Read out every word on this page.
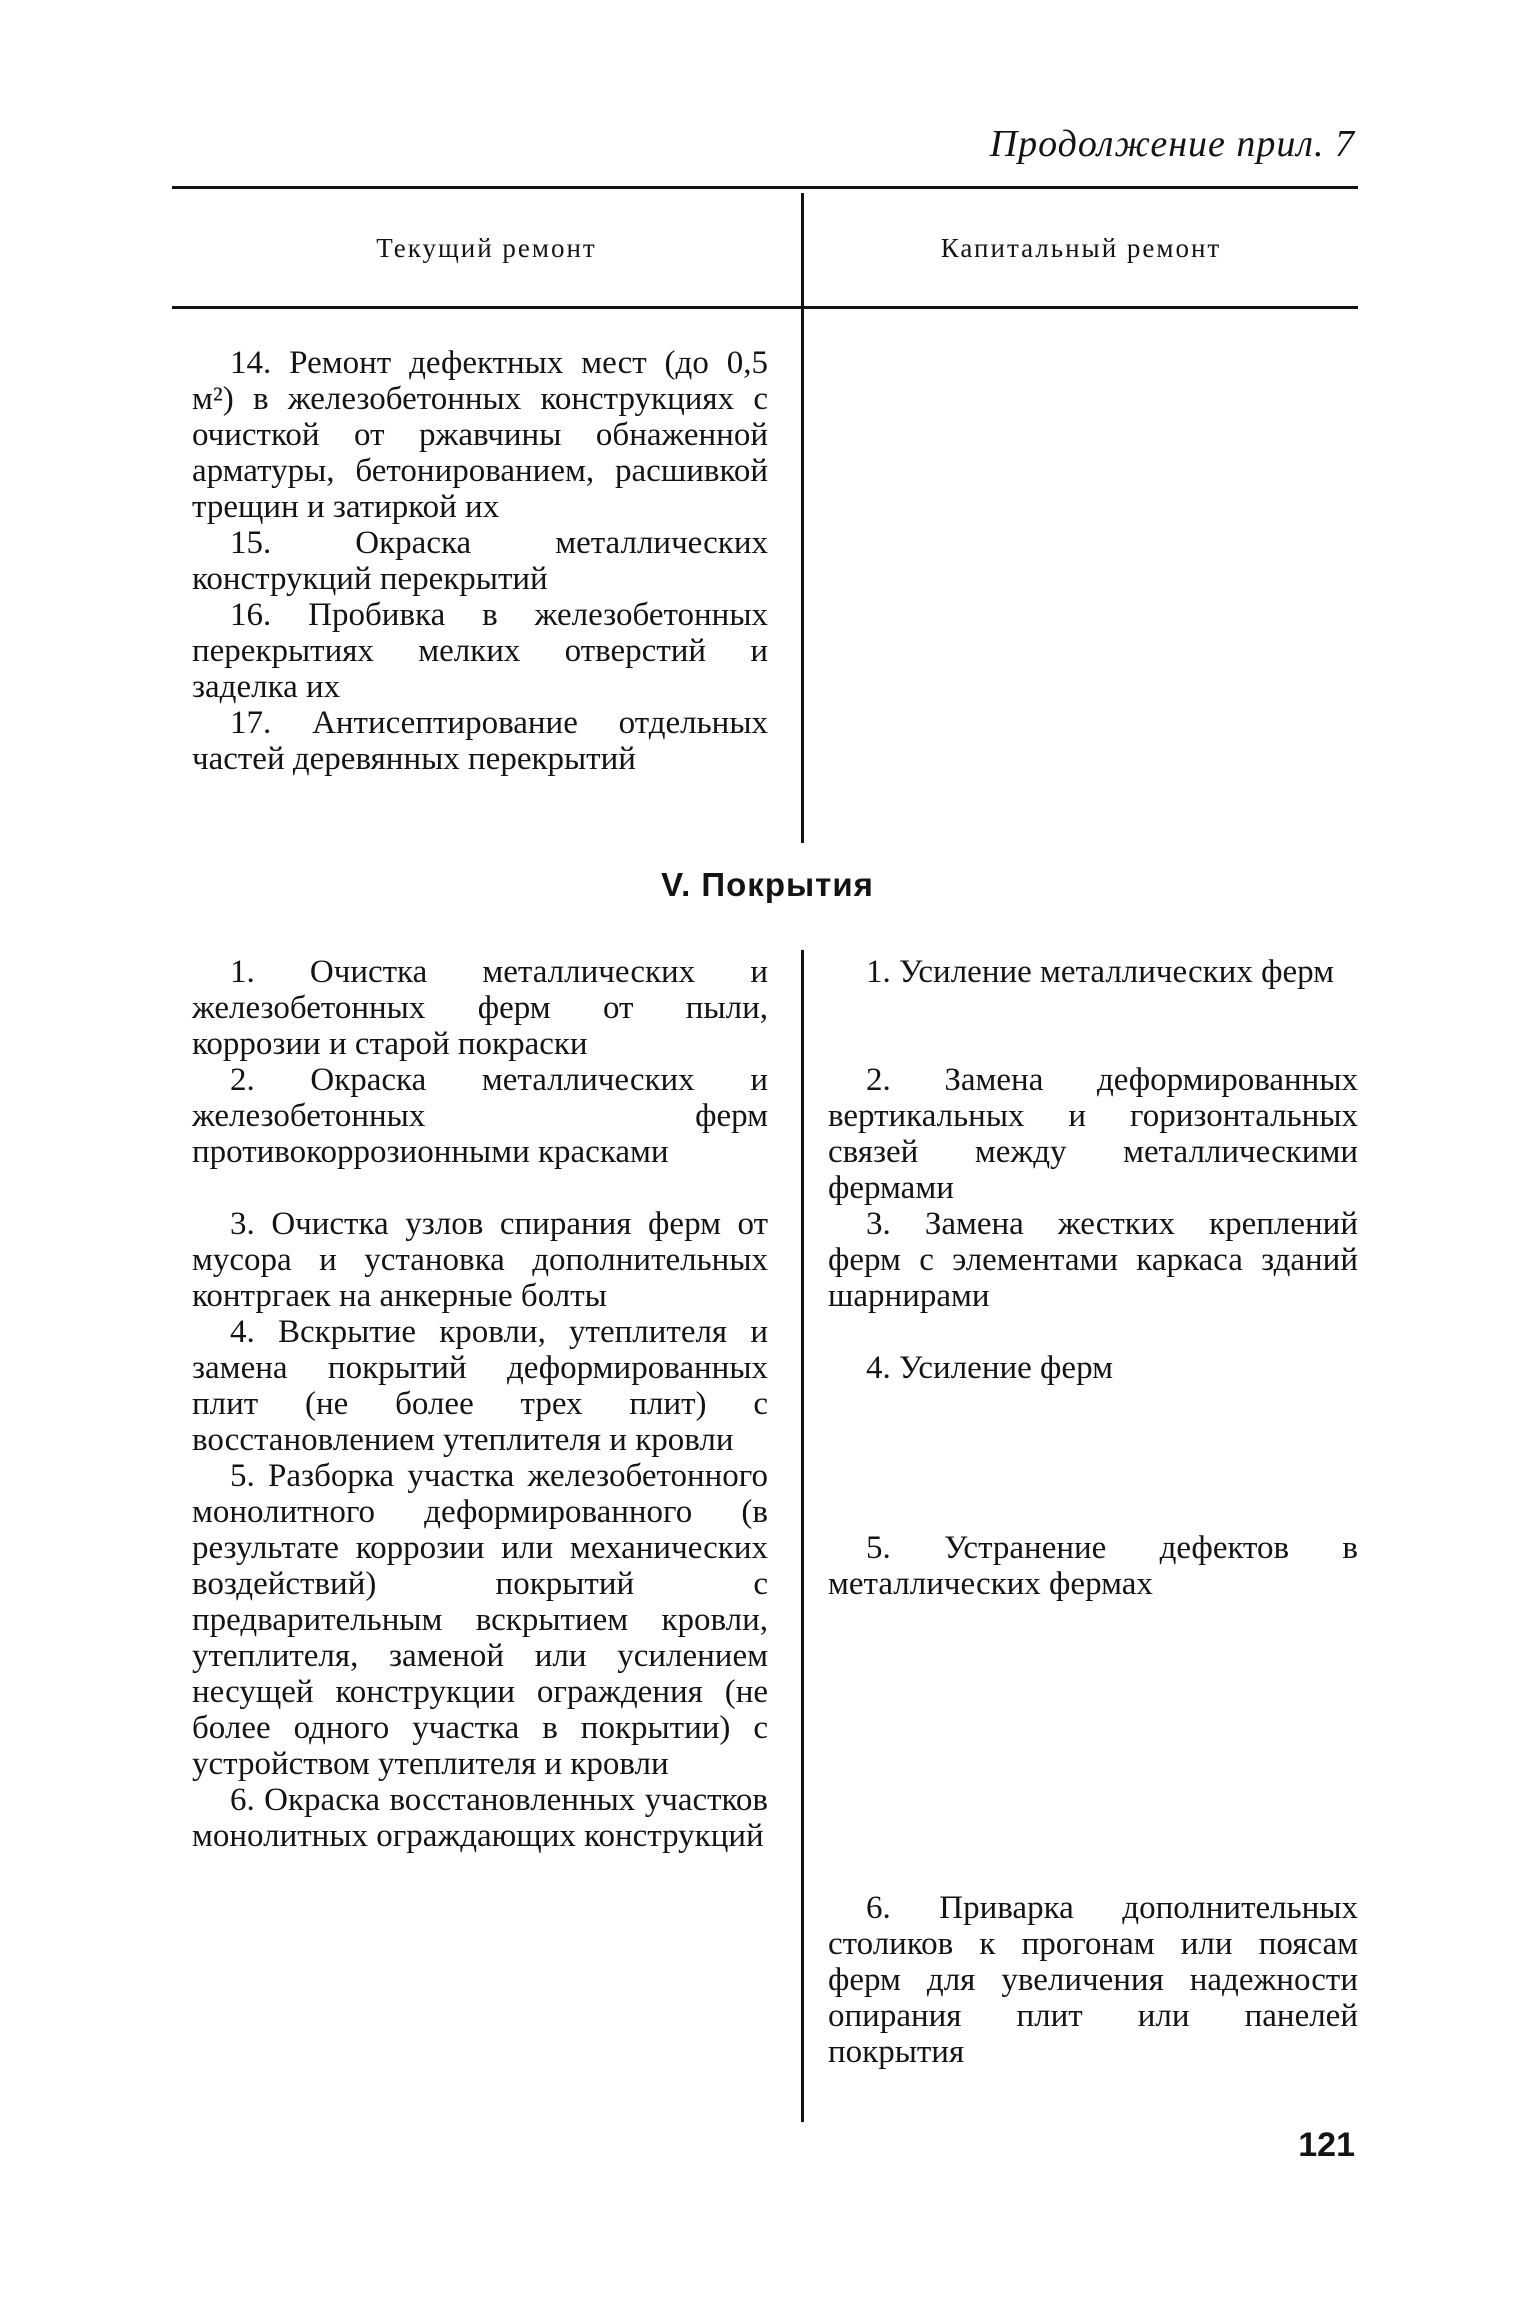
Продолжение прил. 7
Текущий ремонт	Капитальный ремонт

14. Ремонт дефектных мест (до 0,5 м²) в железобетонных конструкциях с очисткой от ржавчины обнаженной арматуры, бетонированием, расшивкой трещин и затиркой их

15. Окраска металлических конструкций перекрытий

16. Пробивка в железобетонных перекрытиях мелких отверстий и заделка их

17. Антисептирование отдельных частей деревянных перекрытий

V. Покрытия

1. Очистка металлических и железобетонных ферм от пыли, коррозии и старой покраски

2. Окраска металлических и железобетонных ферм противокоррозионными красками

3. Очистка узлов спирания ферм от мусора и установка дополнительных контргаек на анкерные болты

4. Вскрытие кровли, утеплителя и замена покрытий деформированных плит (не более трех плит) с восстановлением утеплителя и кровли

5. Разборка участка железобетонного монолитного деформированного (в результате коррозии или механических воздействий) покрытий с предварительным вскрытием кровли, утеплителя, заменой или усилением несущей конструкции ограждения (не более одного участка в покрытии) с устройством утеплителя и кровли

6. Окраска восстановленных участков монолитных ограждающих конструкций

1. Усиление металлических ферм
2. Замена деформированных вертикальных и горизонтальных связей между металлическими фермами
3. Замена жестких креплений ферм с элементами каркаса зданий шарнирами
4. Усиление ферм
5. Устранение дефектов в металлических фермах
6. Приварка дополнительных столиков к прогонам или поясам ферм для увеличения надежности опирания плит или панелей покрытия
121
